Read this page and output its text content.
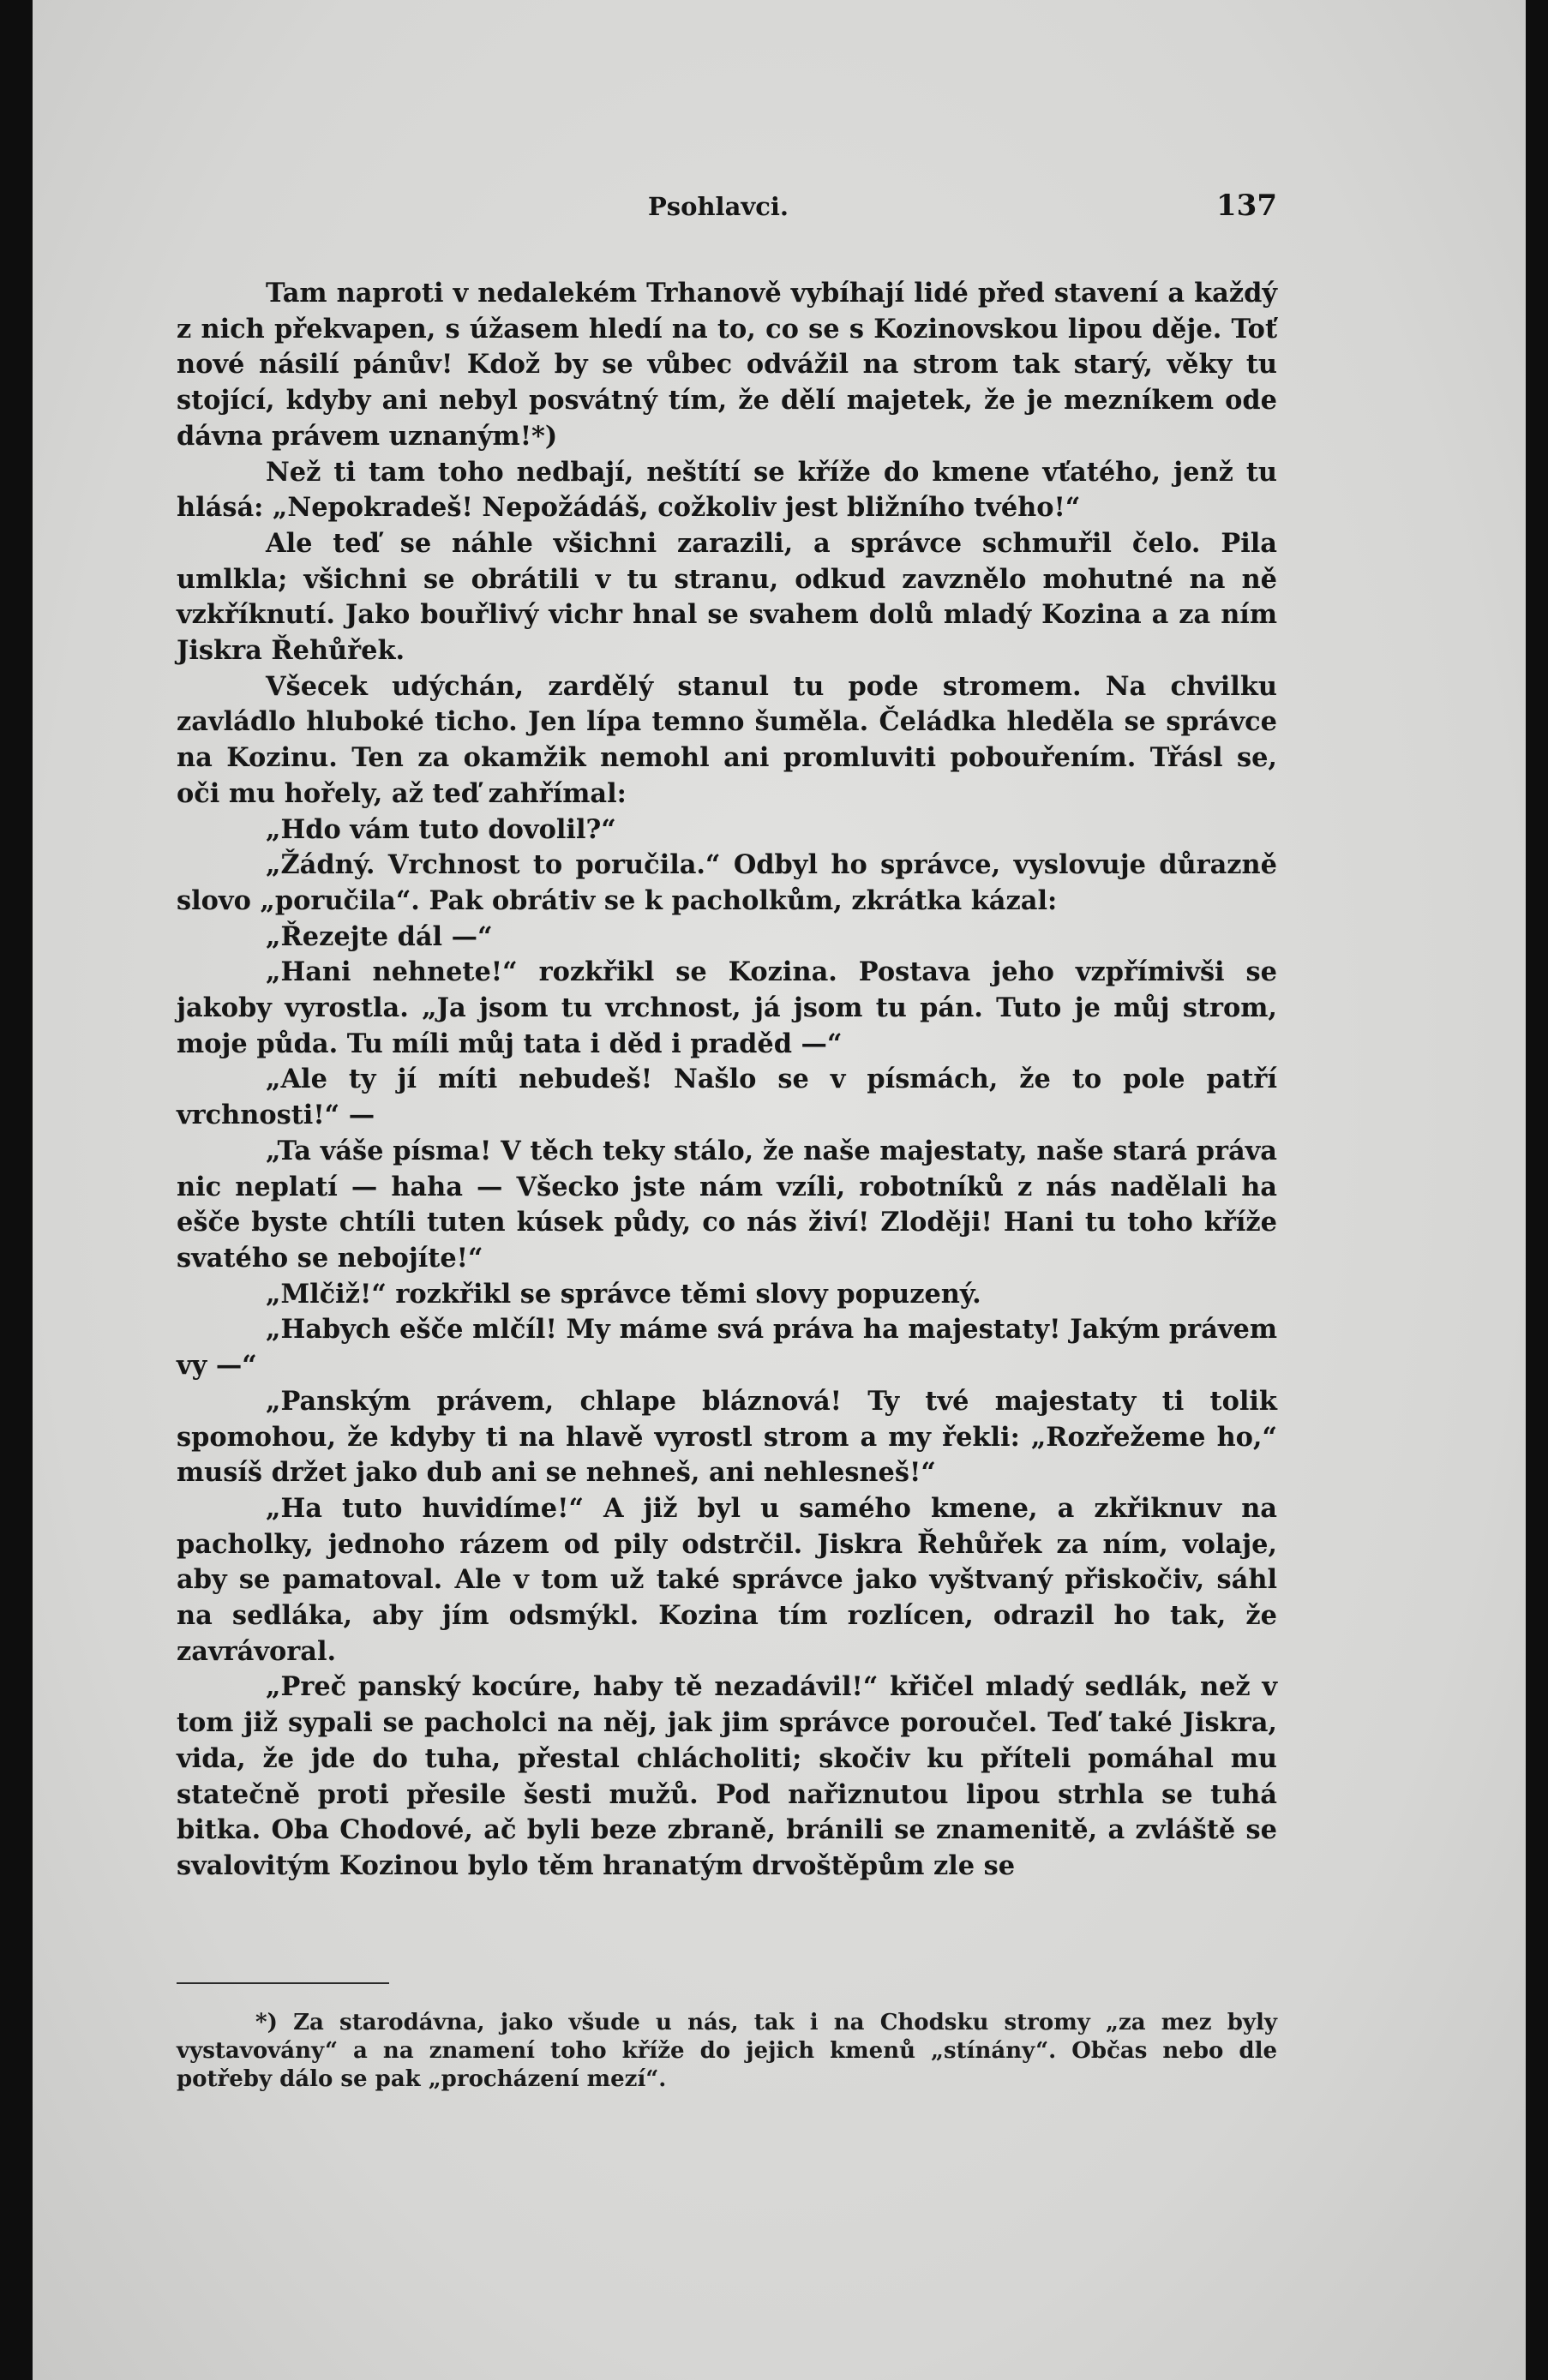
Psohlavci.	137

Tam naproti v nedalekém Trhanově vybíhají lidé před stavení a každý z nich překvapen, s úžasem hledí na to, co se s Kozinovskou lipou děje. Toť nové násilí pánův! Kdož by se vůbec odvážil na strom tak starý, věky tu stojící, kdyby ani nebyl posvátný tím, že dělí majetek, že je mezníkem ode dávna právem uznaným!*)

Než ti tam toho nedbají, neštítí se kříže do kmene vťatého, jenž tu hlásá: „Nepokradeš! Nepožádáš, cožkoliv jest bližního tvého!“

Ale teď se náhle všichni zarazili, a správce schmuřil čelo. Pila umlkla; všichni se obrátili v tu stranu, odkud zavznělo mohutné na ně vzkříknutí. Jako bouřlivý vichr hnal se svahem dolů mladý Kozina a za ním Jiskra Řehůřek.

Všecek udýchán, zardělý stanul tu pode stromem. Na chvilku zavládlo hluboké ticho. Jen lípa temno šuměla. Čeládka hleděla se správce na Kozinu. Ten za okamžik nemohl ani promluviti pobouřením. Třásl se, oči mu hořely, až teď zahřímal:

„Hdo vám tuto dovolil?“

„Žádný. Vrchnost to poručila.“ Odbyl ho správce, vyslovuje důrazně slovo „poručila“. Pak obrátiv se k pacholkům, zkrátka kázal:

„Řezejte dál —“

„Hani nehnete!“ rozkřikl se Kozina. Postava jeho vzpřímivši se jakoby vyrostla. „Ja jsom tu vrchnost, já jsom tu pán. Tuto je můj strom, moje půda. Tu míli můj tata i děd i praděd —“

„Ale ty jí míti nebudeš! Našlo se v písmách, že to pole patří vrchnosti!“ —

„Ta váše písma! V těch teky stálo, že naše majestaty, naše stará práva nic neplatí — haha — Všecko jste nám vzíli, robotníků z nás nadělali ha ešče byste chtíli tuten kúsek půdy, co nás živí! Zloději! Hani tu toho kříže svatého se nebojíte!“

„Mlčiž!“ rozkřikl se správce těmi slovy popuzený.

„Habych ešče mlčíl! My máme svá práva ha majestaty! Jakým právem vy —“

„Panským právem, chlape bláznová! Ty tvé majestaty ti tolik spomohou, že kdyby ti na hlavě vyrostl strom a my řekli: „Rozřežeme ho,“ musíš držet jako dub ani se nehneš, ani nehlesneš!“

„Ha tuto huvidíme!“ A již byl u samého kmene, a zkřiknuv na pacholky, jednoho rázem od pily odstrčil. Jiskra Řehůřek za ním, volaje, aby se pamatoval. Ale v tom už také správce jako vyštvaný přiskočiv, sáhl na sedláka, aby jím odsmýkl. Kozina tím rozlícen, odrazil ho tak, že zavrávoral.

„Preč panský kocúre, haby tě nezadávil!“ křičel mladý sedlák, než v tom již sypali se pacholci na něj, jak jim správce poroučel. Teď také Jiskra, vida, že jde do tuha, přestal chlácholiti; skočiv ku příteli pomáhal mu statečně proti přesile šesti mužů. Pod nařiznutou lipou strhla se tuhá bitka. Oba Chodové, ač byli beze zbraně, bránili se znamenitě, a zvláště se svalovitým Kozinou bylo těm hranatým drvoštěpům zle se

*) Za starodávna, jako všude u nás, tak i na Chodsku stromy „za mez byly vystavovány“ a na znamení toho kříže do jejich kmenů „stínány“. Občas nebo dle potřeby dálo se pak „procházení mezí“.
